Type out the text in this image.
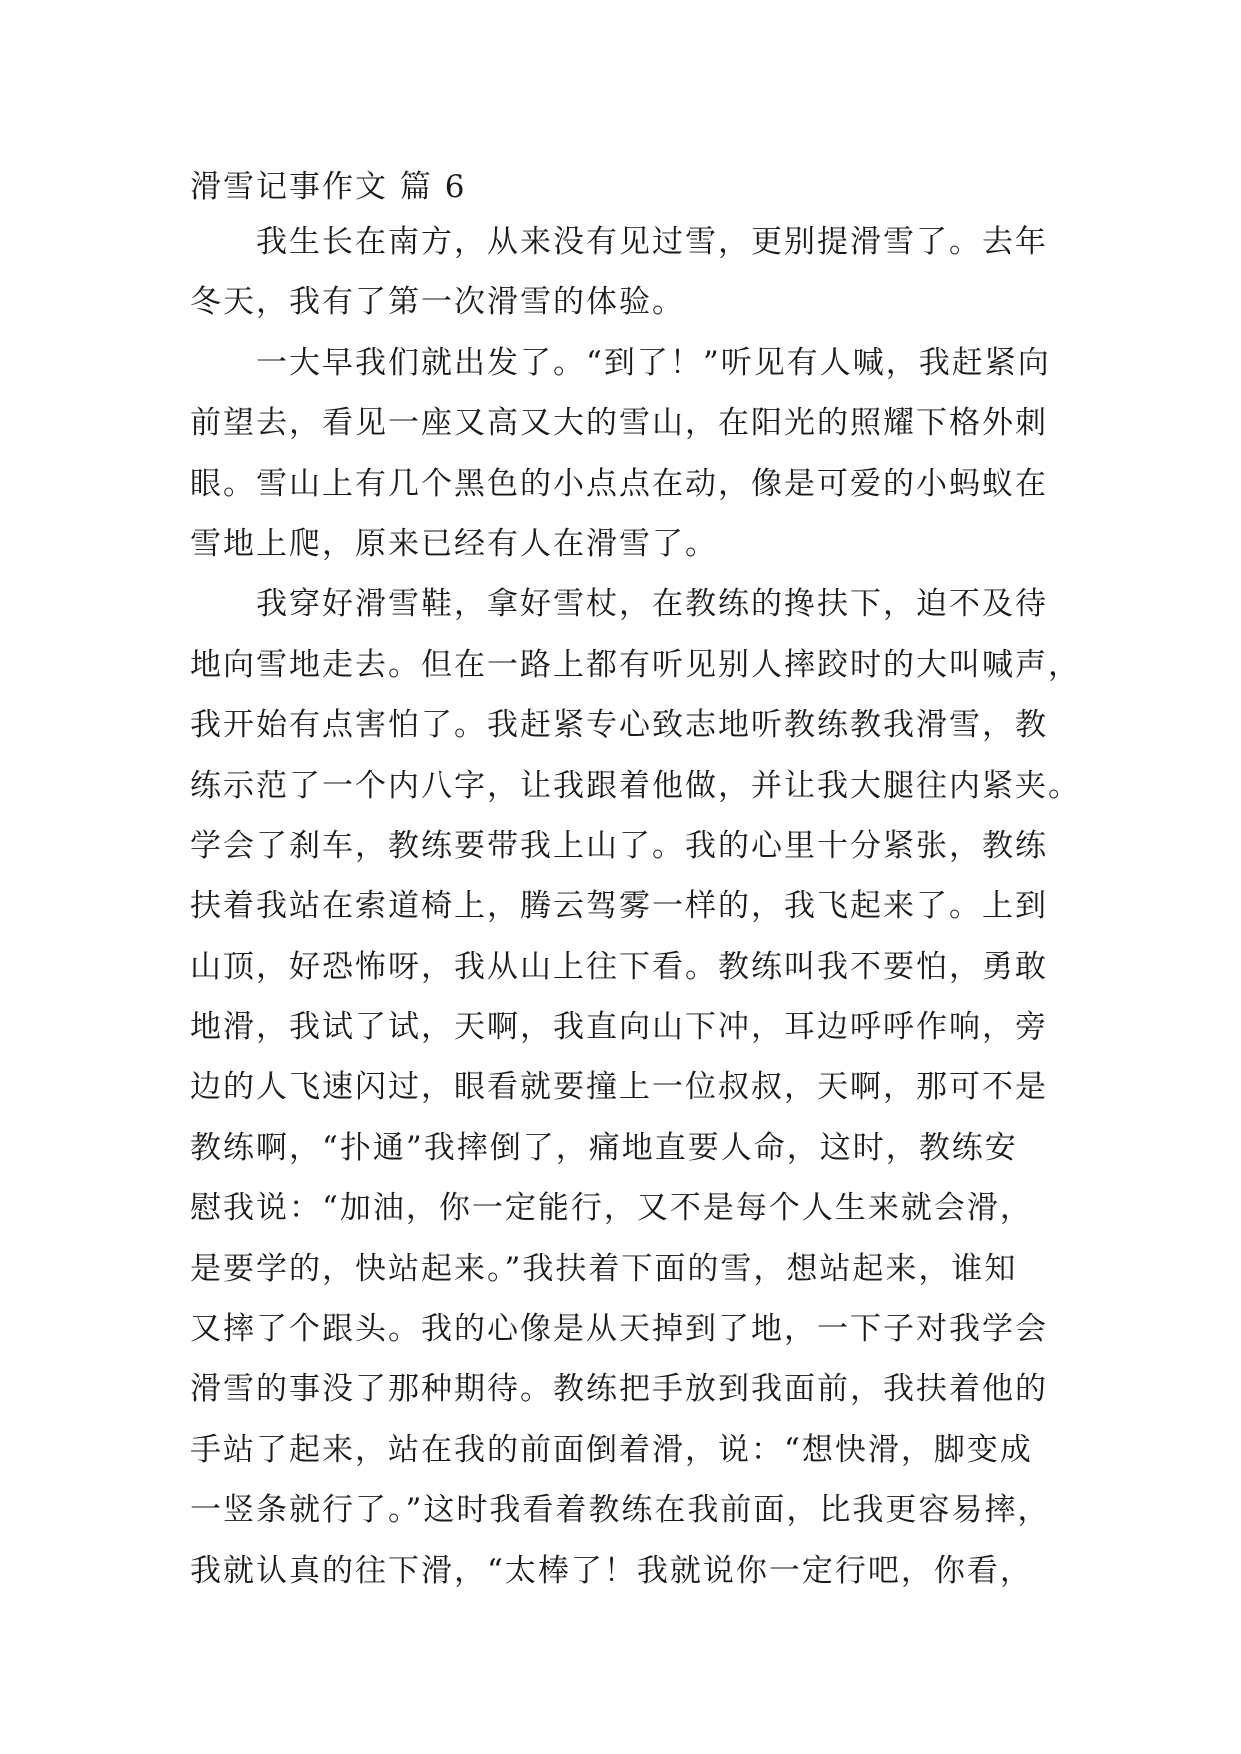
滑雪记事作文 篇 6

我生长在南方，从来没有见过雪，更别提滑雪了。去年

冬天，我有了第一次滑雪的体验。

一大早我们就出发了。“到了！”听见有人喊，我赶紧向

前望去，看见一座又高又大的雪山，在阳光的照耀下格外刺

眼。雪山上有几个黑色的小点点在动，像是可爱的小蚂蚁在

雪地上爬，原来已经有人在滑雪了。

我穿好滑雪鞋，拿好雪杖，在教练的搀扶下，迫不及待

地向雪地走去。但在一路上都有听见别人摔跤时的大叫喊声，

我开始有点害怕了。我赶紧专心致志地听教练教我滑雪，教

练示范了一个内八字，让我跟着他做，并让我大腿往内紧夹。

学会了刹车，教练要带我上山了。我的心里十分紧张，教练

扶着我站在索道椅上，腾云驾雾一样的，我飞起来了。上到

山顶，好恐怖呀，我从山上往下看。教练叫我不要怕，勇敢

地滑，我试了试，天啊，我直向山下冲，耳边呼呼作响，旁

边的人飞速闪过，眼看就要撞上一位叔叔，天啊，那可不是

教练啊，“扑通”我摔倒了，痛地直要人命，这时，教练安

慰我说：“加油，你一定能行，又不是每个人生来就会滑，

是要学的，快站起来。”我扶着下面的雪，想站起来，谁知

又摔了个跟头。我的心像是从天掉到了地，一下子对我学会

滑雪的事没了那种期待。教练把手放到我面前，我扶着他的

手站了起来，站在我的前面倒着滑，说：“想快滑，脚变成

一竖条就行了。”这时我看着教练在我前面，比我更容易摔，

我就认真的往下滑，“太棒了！我就说你一定行吧，你看，
